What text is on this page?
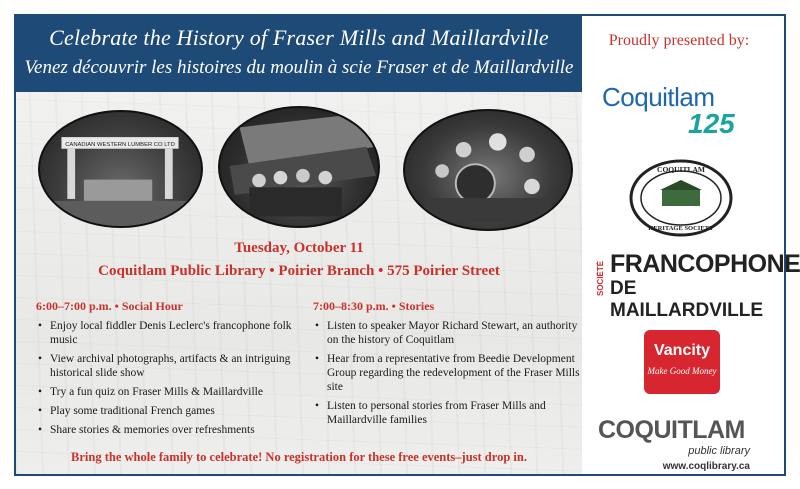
Celebrate the History of Fraser Mills and Maillardville
Venez découvrir les histoires du moulin à scie Fraser et de Maillardville
CANADIAN WESTERN LUMBER CO LTD
Tuesday, October 11
Coquitlam Public Library • Poirier Branch • 575 Poirier Street
6:00–7:00 p.m. • Social Hour
• Enjoy local fiddler Denis Leclerc's francophone folk music
• View archival photographs, artifacts & an intriguing historical slide show
• Try a fun quiz on Fraser Mills & Maillardville
• Play some traditional French games
• Share stories & memories over refreshments
7:00–8:30 p.m. • Stories
• Listen to speaker Mayor Richard Stewart, an authority on the history of Coquitlam
• Hear from a representative from Beedie Development Group regarding the redevelopment of the Fraser Mills site
• Listen to personal stories from Fraser Mills and Maillardville families
Bring the whole family to celebrate! No registration for these free events–just drop in.
Proudly presented by:
Coquitlam
125
COQUITLAM
HERITAGE SOCIETY
SOCIÉTÉ FRANCOPHONE
DE MAILLARDVILLE
Vancity
Make Good Money
COQUITLAM
public library
www.coqlibrary.ca
